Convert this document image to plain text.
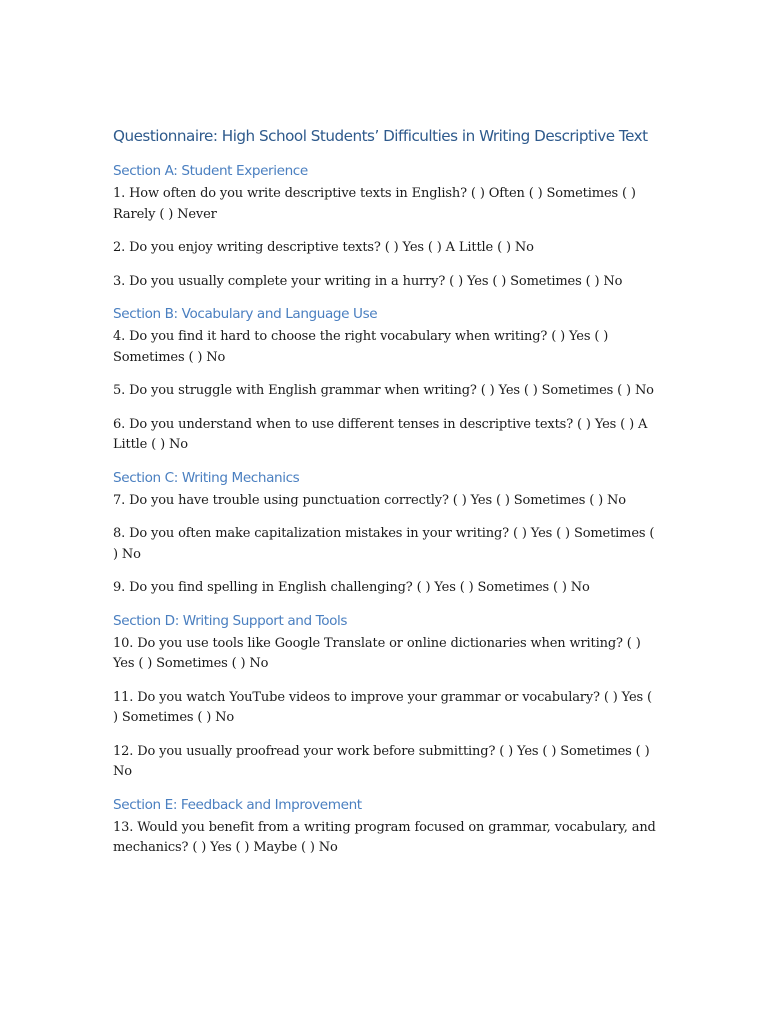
Questionnaire: High School Students’ Difficulties in Writing Descriptive Text
Section A: Student Experience

1. How often do you write descriptive texts in English? ( ) Often ( ) Sometimes ( ) Rarely ( ) Never

2. Do you enjoy writing descriptive texts? ( ) Yes ( ) A Little ( ) No

3. Do you usually complete your writing in a hurry? ( ) Yes ( ) Sometimes ( ) No

Section B: Vocabulary and Language Use

4. Do you find it hard to choose the right vocabulary when writing? ( ) Yes ( ) Sometimes ( ) No

5. Do you struggle with English grammar when writing? ( ) Yes ( ) Sometimes ( ) No

6. Do you understand when to use different tenses in descriptive texts? ( ) Yes ( ) A Little ( ) No

Section C: Writing Mechanics

7. Do you have trouble using punctuation correctly? ( ) Yes ( ) Sometimes ( ) No

8. Do you often make capitalization mistakes in your writing? ( ) Yes ( ) Sometimes ( ) No

9. Do you find spelling in English challenging? ( ) Yes ( ) Sometimes ( ) No

Section D: Writing Support and Tools

10. Do you use tools like Google Translate or online dictionaries when writing? ( ) Yes ( ) Sometimes ( ) No

11. Do you watch YouTube videos to improve your grammar or vocabulary? ( ) Yes ( ) Sometimes ( ) No

12. Do you usually proofread your work before submitting? ( ) Yes ( ) Sometimes ( ) No

Section E: Feedback and Improvement

13. Would you benefit from a writing program focused on grammar, vocabulary, and mechanics? ( ) Yes ( ) Maybe ( ) No
